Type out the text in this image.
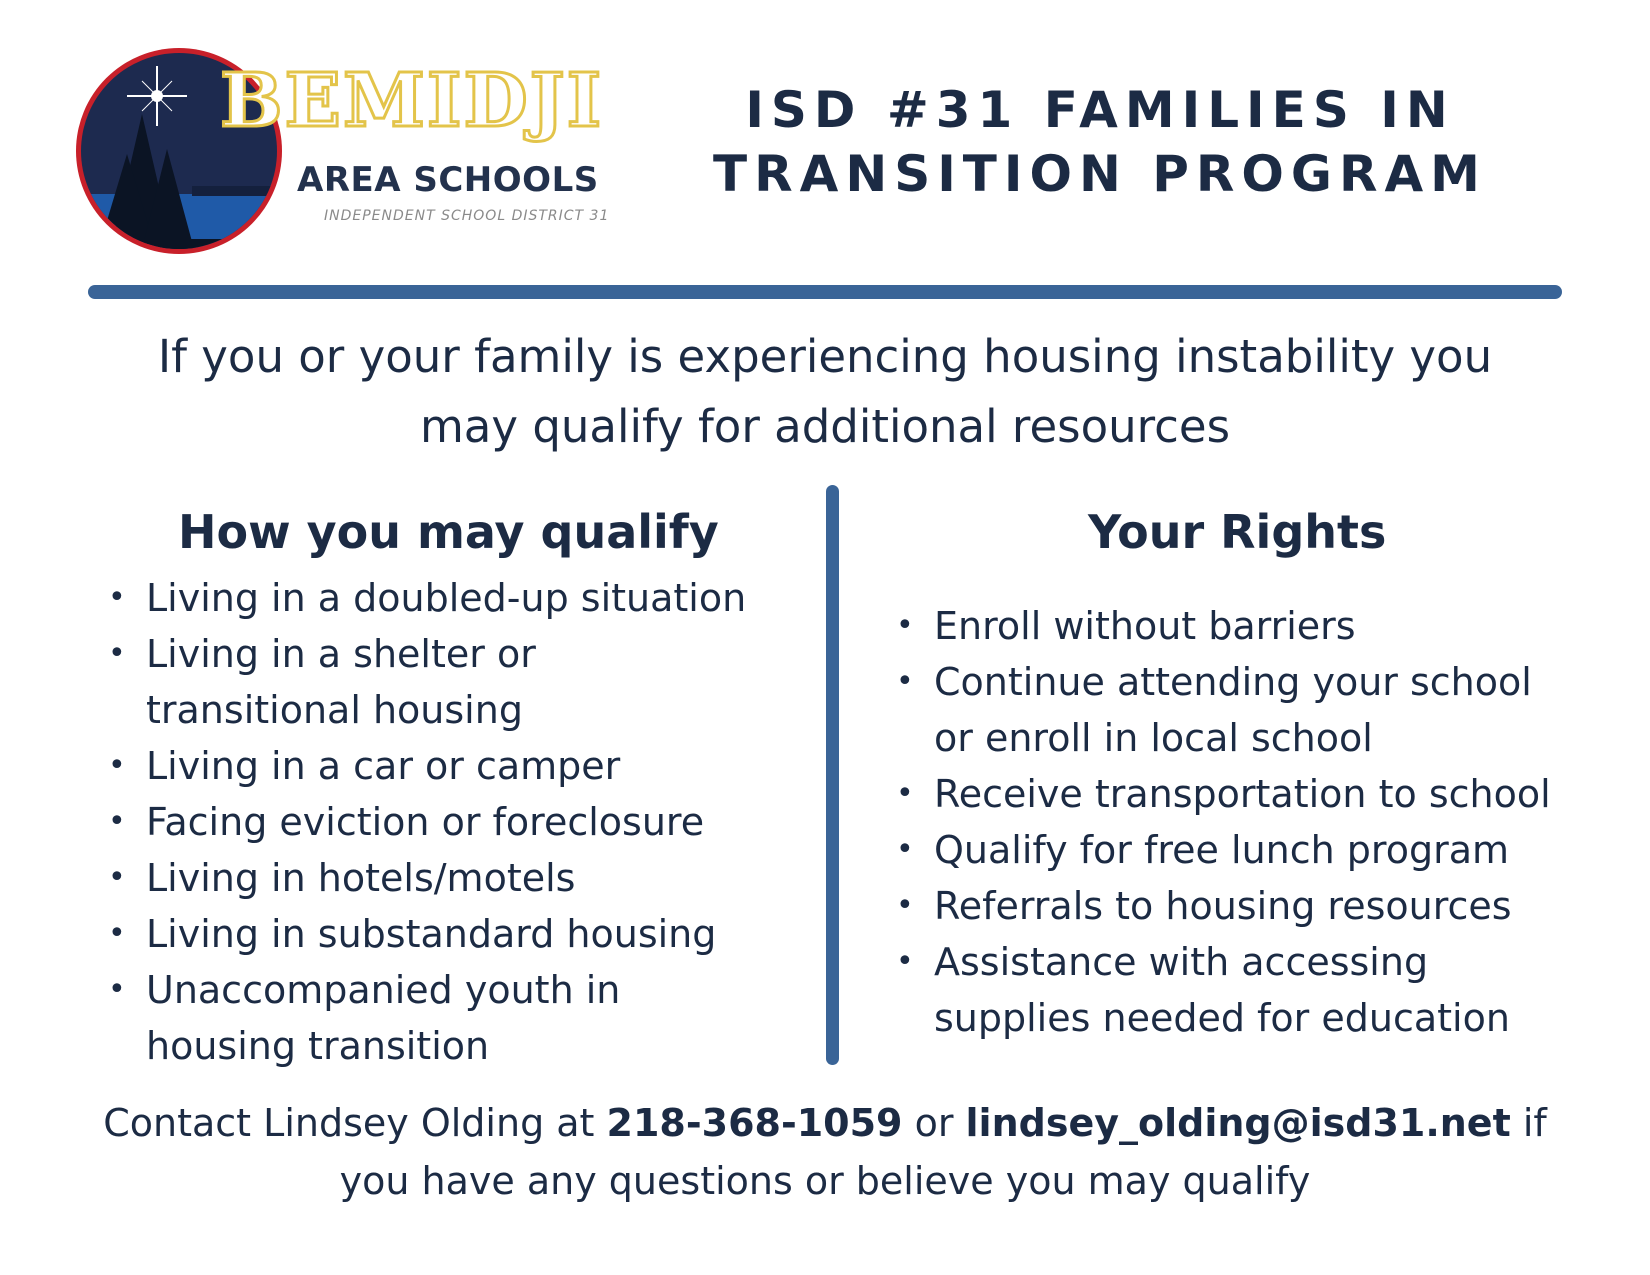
BEMIDJI
AREA SCHOOLS
INDEPENDENT SCHOOL DISTRICT 31
ISD #31 FAMILIES IN
TRANSITION PROGRAM
If you or your family is experiencing housing instability you
may qualify for additional resources
How you may qualify
• Living in a doubled-up situation
• Living in a shelter or
transitional housing
• Living in a car or camper
• Facing eviction or foreclosure
• Living in hotels/motels
• Living in substandard housing
• Unaccompanied youth in
housing transition
Your Rights
• Enroll without barriers
• Continue attending your school
or enroll in local school
• Receive transportation to school
• Qualify for free lunch program
• Referrals to housing resources
• Assistance with accessing
supplies needed for education
Contact Lindsey Olding at 218-368-1059 or lindsey_olding@isd31.net if
you have any questions or believe you may qualify
